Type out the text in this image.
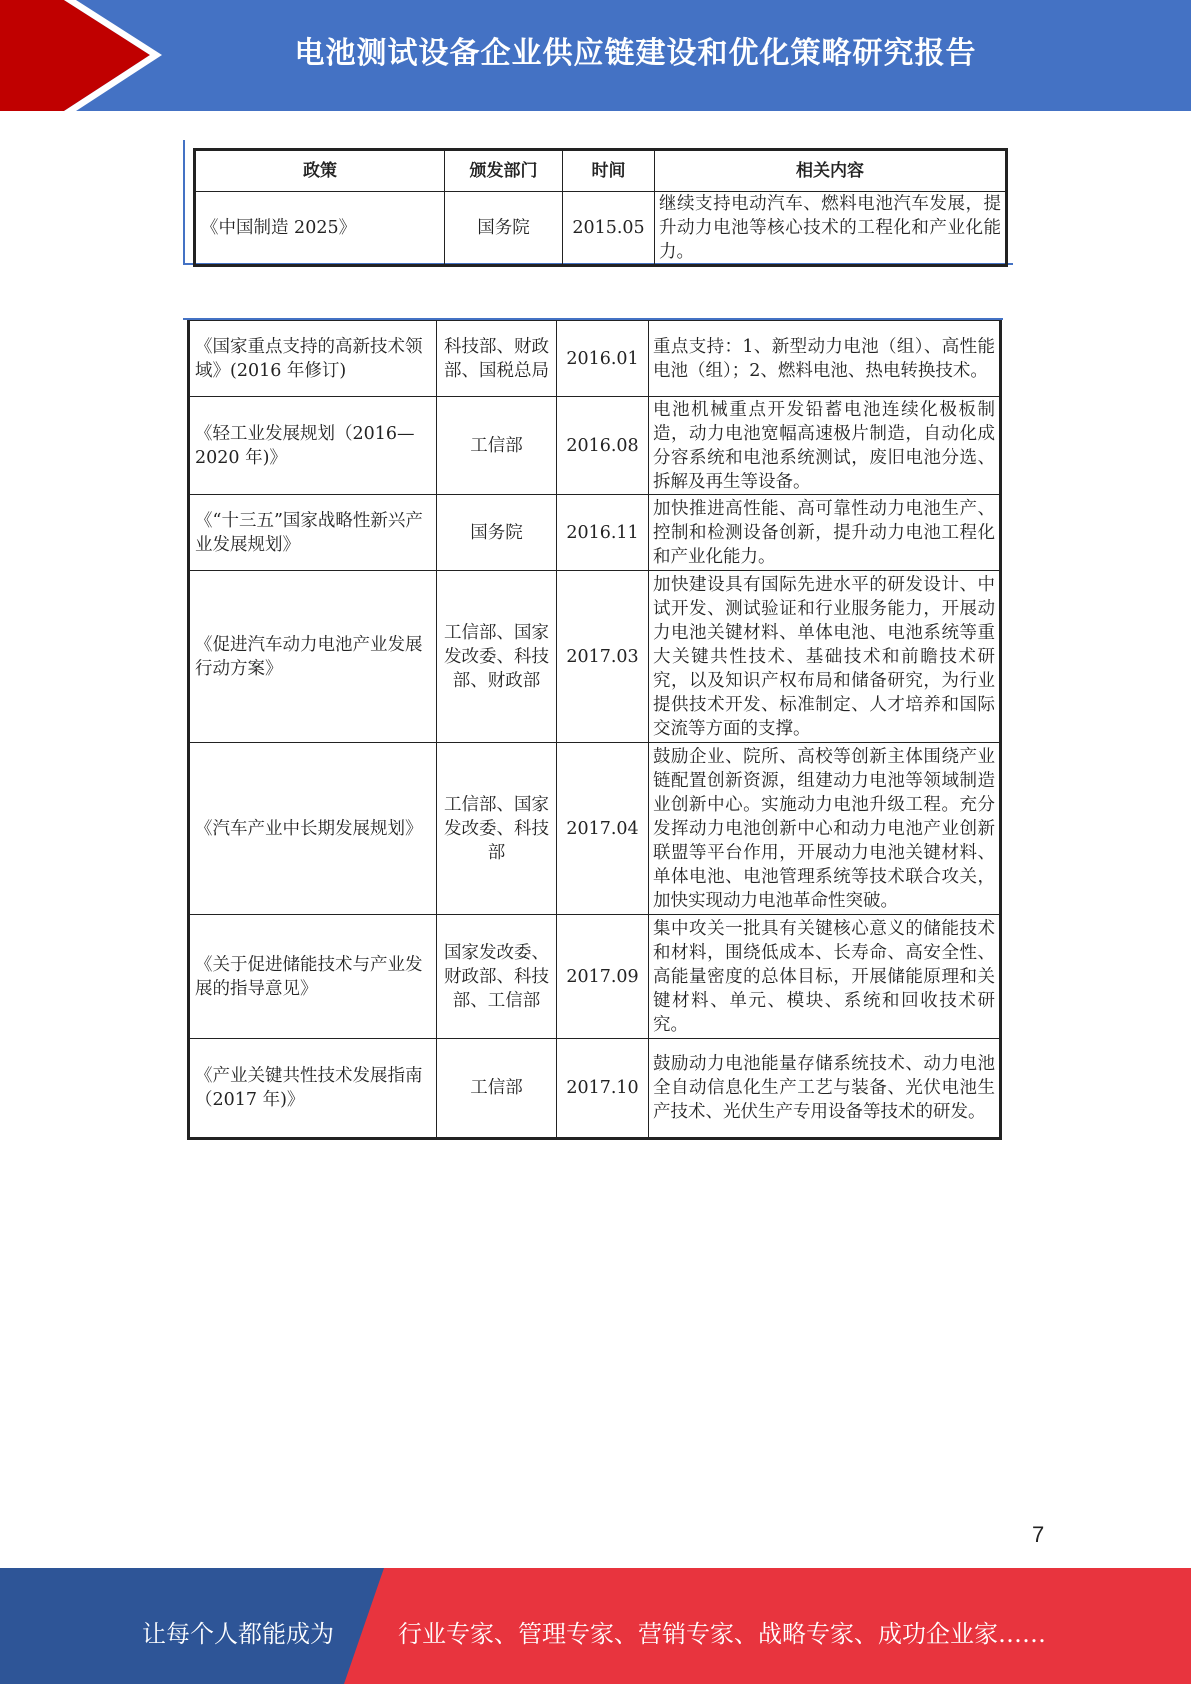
电池测试设备企业供应链建设和优化策略研究报告
政策	颁发部门	时间	相关内容
《中国制造 2025》	国务院	2015.05	继续支持电动汽车、燃料电池汽车发展，提升动力电池等核心技术的工程化和产业化能力。
《国家重点支持的高新技术领域》(2016 年修订)	科技部、财政部、国税总局	2016.01	重点支持：1、新型动力电池（组）、高性能电池（组）；2、燃料电池、热电转换技术。
《轻工业发展规划（2016—2020 年)》	工信部	2016.08	电池机械重点开发铅蓄电池连续化极板制造，动力电池宽幅高速极片制造，自动化成分容系统和电池系统测试，废旧电池分选、拆解及再生等设备。
《“十三五”国家战略性新兴产业发展规划》	国务院	2016.11	加快推进高性能、高可靠性动力电池生产、控制和检测设备创新，提升动力电池工程化和产业化能力。
《促进汽车动力电池产业发展行动方案》	工信部、国家发改委、科技部、财政部	2017.03	加快建设具有国际先进水平的研发设计、中试开发、测试验证和行业服务能力，开展动力电池关键材料、单体电池、电池系统等重大关键共性技术、基础技术和前瞻技术研究，以及知识产权布局和储备研究，为行业提供技术开发、标准制定、人才培养和国际交流等方面的支撑。
《汽车产业中长期发展规划》	工信部、国家发改委、科技部	2017.04	鼓励企业、院所、高校等创新主体围绕产业链配置创新资源，组建动力电池等领域制造业创新中心。实施动力电池升级工程。充分发挥动力电池创新中心和动力电池产业创新联盟等平台作用，开展动力电池关键材料、单体电池、电池管理系统等技术联合攻关，加快实现动力电池革命性突破。
《关于促进储能技术与产业发展的指导意见》	国家发改委、财政部、科技部、工信部	2017.09	集中攻关一批具有关键核心意义的储能技术和材料，围绕低成本、长寿命、高安全性、高能量密度的总体目标，开展储能原理和关键材料、单元、模块、系统和回收技术研究。
《产业关键共性技术发展指南（2017 年)》	工信部	2017.10	鼓励动力电池能量存储系统技术、动力电池全自动信息化生产工艺与装备、光伏电池生产技术、光伏生产专用设备等技术的研发。
7
让每个人都能成为	行业专家、管理专家、营销专家、战略专家、成功企业家……
